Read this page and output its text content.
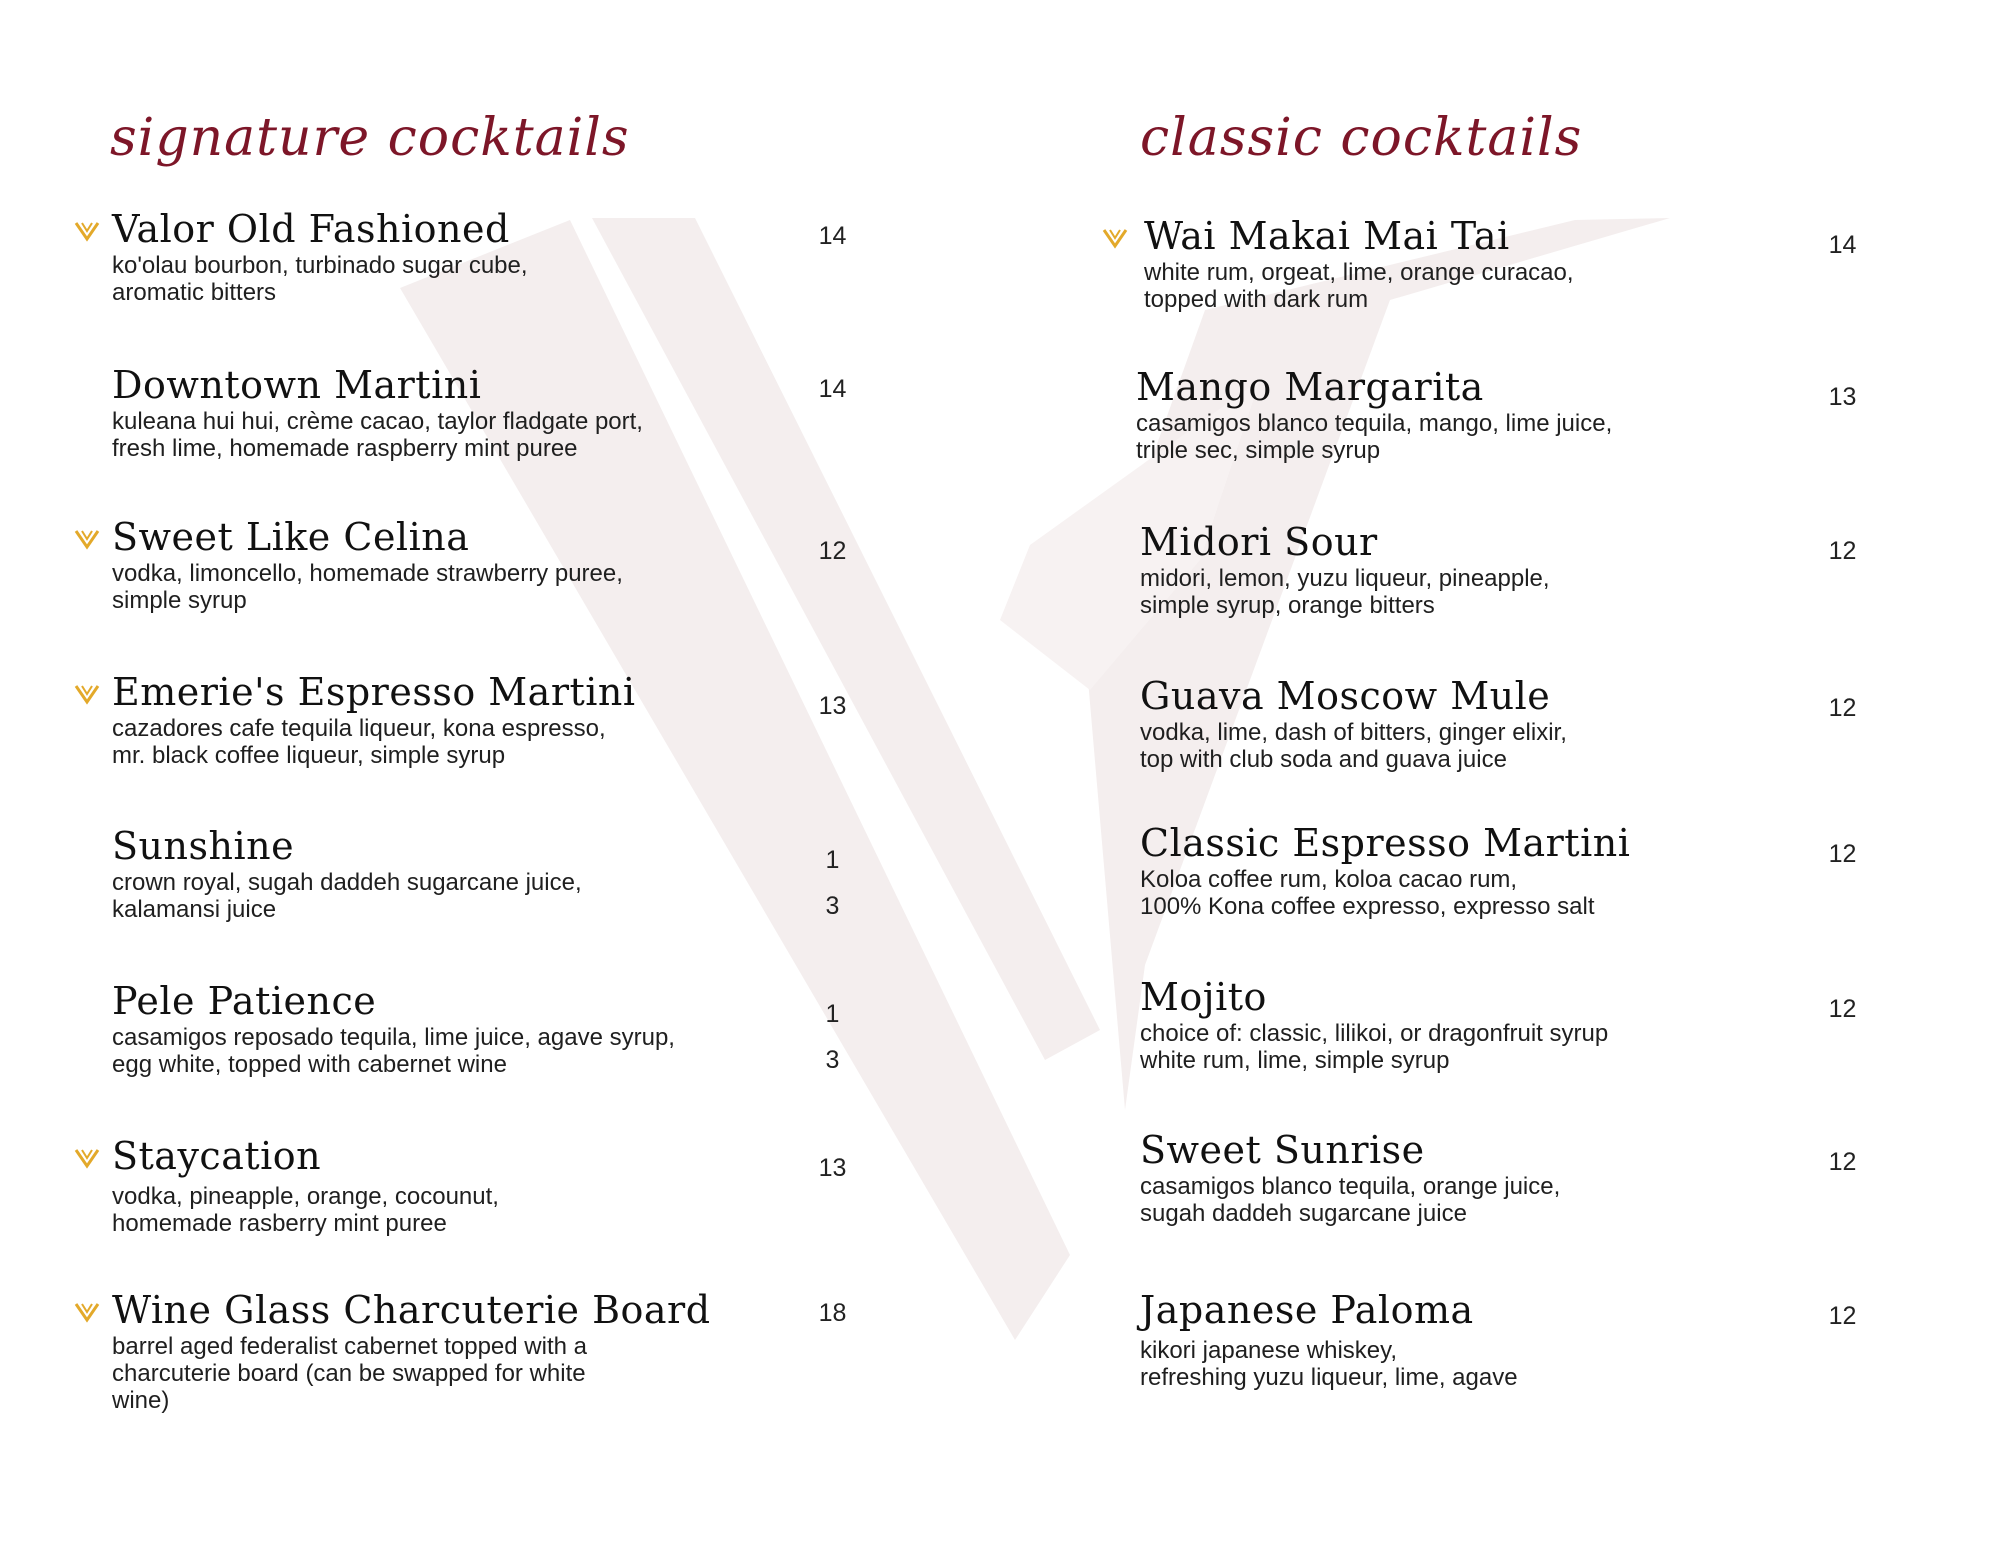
signature cocktails	classic cocktails
Valor Old Fashioned
ko'olau bourbon, turbinado sugar cube,
aromatic bitters
14
Downtown Martini
kuleana hui hui, crème cacao, taylor fladgate port,
fresh lime, homemade raspberry mint puree
14
Sweet Like Celina
vodka, limoncello, homemade strawberry puree,
simple syrup
12
Emerie's Espresso Martini
cazadores cafe tequila liqueur, kona espresso,
mr. black coffee liqueur, simple syrup
13
Sunshine
crown royal, sugah daddeh sugarcane juice,
kalamansi juice
1
3
Pele Patience
casamigos reposado tequila, lime juice, agave syrup,
egg white, topped with cabernet wine
1
3
Staycation
vodka, pineapple, orange, cocounut,
homemade rasberry mint puree
13
Wine Glass Charcuterie Board
barrel aged federalist cabernet topped with a
charcuterie board (can be swapped for white
wine)
18
Wai Makai Mai Tai
white rum, orgeat, lime, orange curacao,
topped with dark rum
14
Mango Margarita
casamigos blanco tequila, mango, lime juice,
triple sec, simple syrup
13
Midori Sour
midori, lemon, yuzu liqueur, pineapple,
simple syrup, orange bitters
12
Guava Moscow Mule
vodka, lime, dash of bitters, ginger elixir,
top with club soda and guava juice
12
Classic Espresso Martini
Koloa coffee rum, koloa cacao rum,
100% Kona coffee expresso, expresso salt
12
Mojito
choice of: classic, lilikoi, or dragonfruit syrup
white rum, lime, simple syrup
12
Sweet Sunrise
casamigos blanco tequila, orange juice,
sugah daddeh sugarcane juice
12
Japanese Paloma
kikori japanese whiskey,
refreshing yuzu liqueur, lime, agave
12
